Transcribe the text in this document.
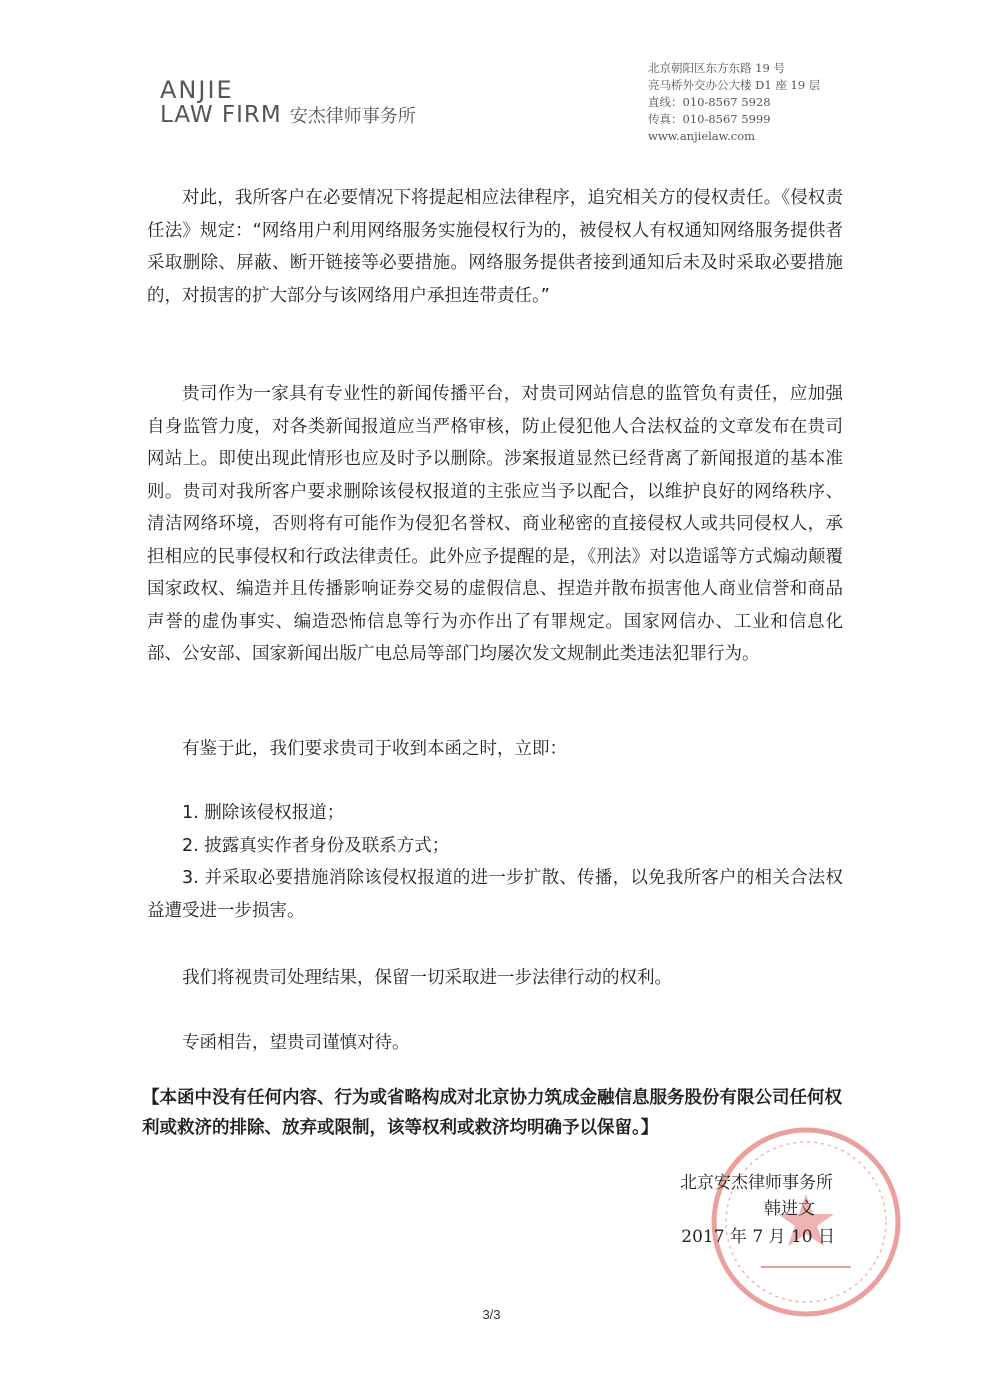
ANJIE
LAW FIRM 安杰律师事务所
北京朝阳区东方东路 19 号
亮马桥外交办公大楼 D1 座 19 层
直线：010-8567 5928
传真：010-8567 5999
www.anjielaw.com

对此，我所客户在必要情况下将提起相应法律程序，追究相关方的侵权责任。《侵权责任法》规定：“网络用户利用网络服务实施侵权行为的，被侵权人有权通知网络服务提供者采取删除、屏蔽、断开链接等必要措施。网络服务提供者接到通知后未及时采取必要措施的，对损害的扩大部分与该网络用户承担连带责任。”

贵司作为一家具有专业性的新闻传播平台，对贵司网站信息的监管负有责任，应加强自身监管力度，对各类新闻报道应当严格审核，防止侵犯他人合法权益的文章发布在贵司网站上。即使出现此情形也应及时予以删除。涉案报道显然已经背离了新闻报道的基本准则。贵司对我所客户要求删除该侵权报道的主张应当予以配合，以维护良好的网络秩序、清洁网络环境，否则将有可能作为侵犯名誉权、商业秘密的直接侵权人或共同侵权人，承担相应的民事侵权和行政法律责任。此外应予提醒的是，《刑法》对以造谣等方式煽动颠覆国家政权、编造并且传播影响证券交易的虚假信息、捏造并散布损害他人商业信誉和商品声誉的虚伪事实、编造恐怖信息等行为亦作出了有罪规定。国家网信办、工业和信息化部、公安部、国家新闻出版广电总局等部门均屡次发文规制此类违法犯罪行为。

有鉴于此，我们要求贵司于收到本函之时，立即：

1. 删除该侵权报道；

2. 披露真实作者身份及联系方式；

3. 并采取必要措施消除该侵权报道的进一步扩散、传播，以免我所客户的相关合法权益遭受进一步损害。

我们将视贵司处理结果，保留一切采取进一步法律行动的权利。

专函相告，望贵司谨慎对待。

【本函中没有任何内容、行为或省略构成对北京协力筑成金融信息服务股份有限公司任何权利或救济的排除、放弃或限制，该等权利或救济均明确予以保留。】
北京安杰律师事务所
韩进文
2017 年 7 月 10 日
3/3
